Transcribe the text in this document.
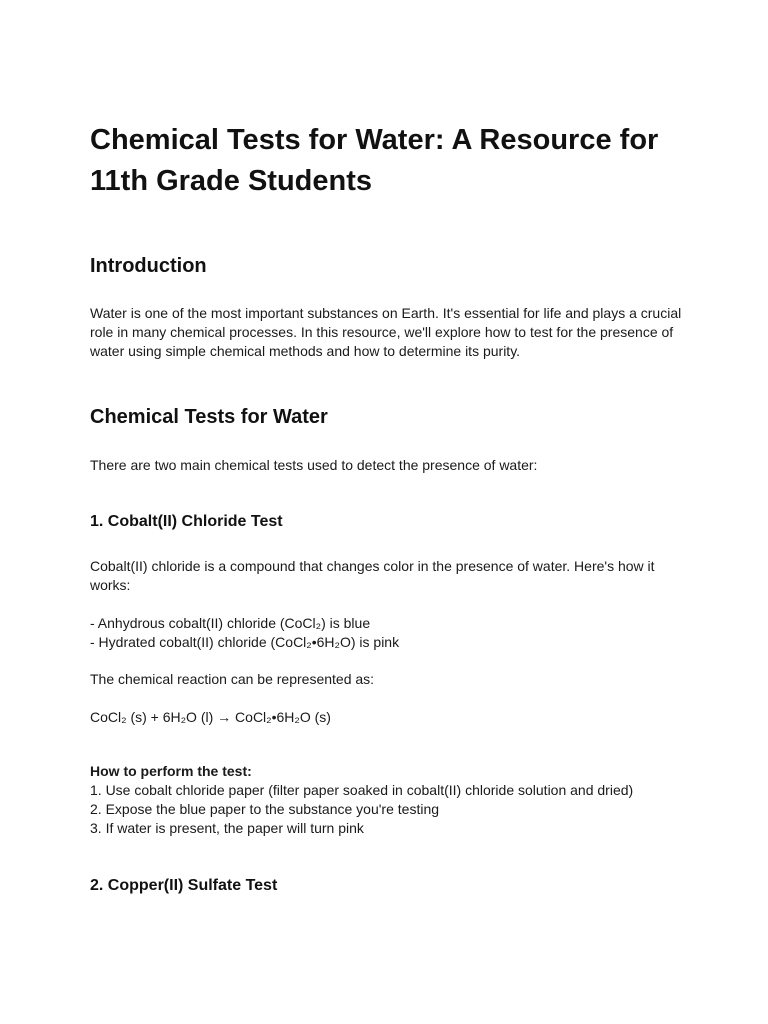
Chemical Tests for Water: A Resource for 11th Grade Students
Introduction

Water is one of the most important substances on Earth. It's essential for life and plays a crucial role in many chemical processes. In this resource, we'll explore how to test for the presence of water using simple chemical methods and how to determine its purity.

Chemical Tests for Water

There are two main chemical tests used to detect the presence of water:

1. Cobalt(II) Chloride Test

Cobalt(II) chloride is a compound that changes color in the presence of water. Here's how it works:

- Anhydrous cobalt(II) chloride (CoCl₂) is blue
- Hydrated cobalt(II) chloride (CoCl₂•6H₂O) is pink

The chemical reaction can be represented as:

CoCl₂ (s) + 6H₂O (l) → CoCl₂•6H₂O (s)

How to perform the test:
1. Use cobalt chloride paper (filter paper soaked in cobalt(II) chloride solution and dried)
2. Expose the blue paper to the substance you're testing
3. If water is present, the paper will turn pink
2. Copper(II) Sulfate Test
